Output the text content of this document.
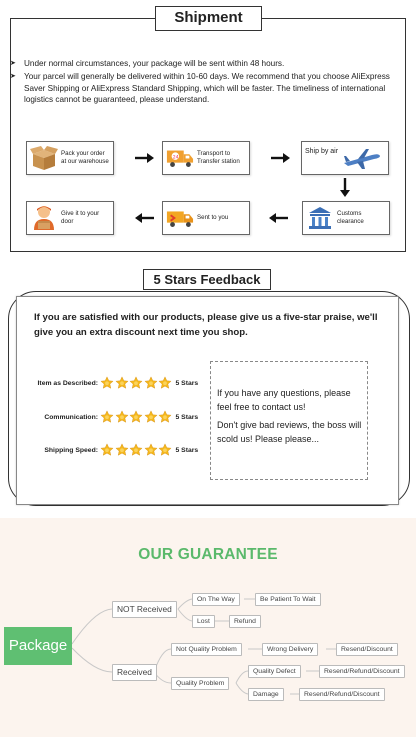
Shipment
➤ Under normal circumstances, your package will be sent within 48 hours.
➤ Your parcel will generally be delivered within 10-60 days. We recommend that you choose AliExpress Saver Shipping or AliExpress Standard Shipping, which will be faster. The timeliness of international logistics cannot be guaranteed, please understand.
Pack your order
at our warehouse
24
Transport to
Transfer station
Ship by air
Customs
clearance
Sent to you
Give it to your door
5 Stars Feedback
If you are satisfied with our products, please give us a five-star praise, we'll give you an extra discount next time you shop.
Item as Described:	5 Stars
Communication:	5 Stars
Shipping Speed:	5 Stars
If you have any questions, please feel free to contact us!
Don't give bad reviews, the boss will scold us! Please please...
OUR GUARANTEE
Package
NOT Received
On The Way	Be Patient To Wait
Lost	Refund
Received
Not Quality Problem	Wrong Delivery	Resend/Discount
Quality Problem
Quality Defect	Resend/Refund/Discount
Damage	Resend/Refund/Discount
